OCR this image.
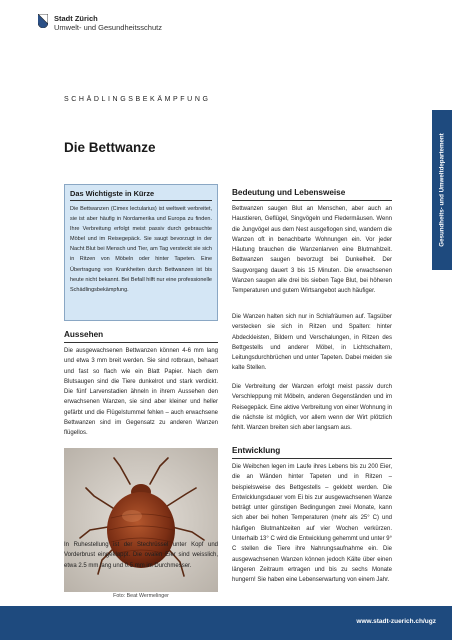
Stadt Zürich
Umwelt- und Gesundheitsschutz
SCHÄDLINGSBEKÄMPFUNG
Die Bettwanze	Gesundheits- und Umweltdepartement
Das Wichtigste in Kürze
Die Bettwanzen (Cimex lectularius) ist weltweit verbreitet, sie ist aber häufig in Nordamerika und Europa zu finden. Ihre Verbreitung erfolgt meist passiv durch gebrauchte Möbel und im Reisegepäck. Sie saugt bevorzugt in der Nacht Blut bei Mensch und Tier, am Tag versteckt sie sich in Ritzen von Möbeln oder hinter Tapeten. Eine Übertragung von Krankheiten durch Bettwanzen ist bis heute nicht bekannt. Bei Befall hilft nur eine professionelle Schädlingsbekämpfung.
Aussehen
Die ausgewachsenen Bettwanzen können 4-6 mm lang und etwa 3 mm breit werden. Sie sind rotbraun, behaart und fast so flach wie ein Blatt Papier. Nach dem Blutsaugen sind die Tiere dunkelrot und stark verdickt. Die fünf Larvenstadien ähneln in ihrem Aussehen den erwachsenen Wanzen, sie sind aber kleiner und heller gefärbt und die Flügelstummel fehlen – auch erwachsene Bettwanzen sind im Gegensatz zu anderen Wanzen flügellos.
Foto: Beat Wermelinger
In Ruhestellung ist der Stechrüssel unter Kopf und Vorderbrust eingeklappt. Die ovalen Eier sind weisslich, etwa 2.5 mm lang und 0.5 mm im Durchmesser.
Bedeutung und Lebensweise
Bettwanzen saugen Blut an Menschen, aber auch an Haustieren, Geflügel, Singvögeln und Fledermäusen. Wenn die Jungvögel aus dem Nest ausgeflogen sind, wandern die Wanzen oft in benachbarte Wohnungen ein. Vor jeder Häutung brauchen die Wanzenlarven eine Blutmahlzeit. Bettwanzen saugen bevorzugt bei Dunkelheit. Der Saugvorgang dauert 3 bis 15 Minuten. Die erwachsenen Wanzen saugen alle drei bis sieben Tage Blut, bei höheren Temperaturen und gutem Wirtsangebot auch häufiger.
Die Wanzen halten sich nur in Schlafräumen auf. Tagsüber verstecken sie sich in Ritzen und Spalten: hinter Abdeckleisten, Bildern und Verschalungen, in Ritzen des Bettgestells und anderer Möbel, in Lichtschaltern, Leitungsdurchbrüchen und unter Tapeten. Dabei meiden sie kalte Stellen.
Die Verbreitung der Wanzen erfolgt meist passiv durch Verschleppung mit Möbeln, anderen Gegenständen und im Reisegepäck. Eine aktive Verbreitung von einer Wohnung in die nächste ist möglich, vor allem wenn der Wirt plötzlich fehlt. Wanzen breiten sich aber langsam aus.
Entwicklung
Die Weibchen legen im Laufe ihres Lebens bis zu 200 Eier, die an Wänden hinter Tapeten und in Ritzen – beispielsweise des Bettgestells – geklebt werden. Die Entwicklungsdauer vom Ei bis zur ausgewachsenen Wanze beträgt unter günstigen Bedingungen zwei Monate, kann sich aber bei hohen Temperaturen (mehr als 25° C) und häufigen Blutmahlzeiten auf vier Wochen verkürzen. Unterhalb 13° C wird die Entwicklung gehemmt und unter 9° C stellen die Tiere ihre Nahrungsaufnahme ein. Die ausgewachsenen Wanzen können jedoch Kälte über einen längeren Zeitraum ertragen und bis zu sechs Monate hungern! Sie haben eine Lebenserwartung von einem Jahr.
www.stadt-zuerich.ch/ugz
